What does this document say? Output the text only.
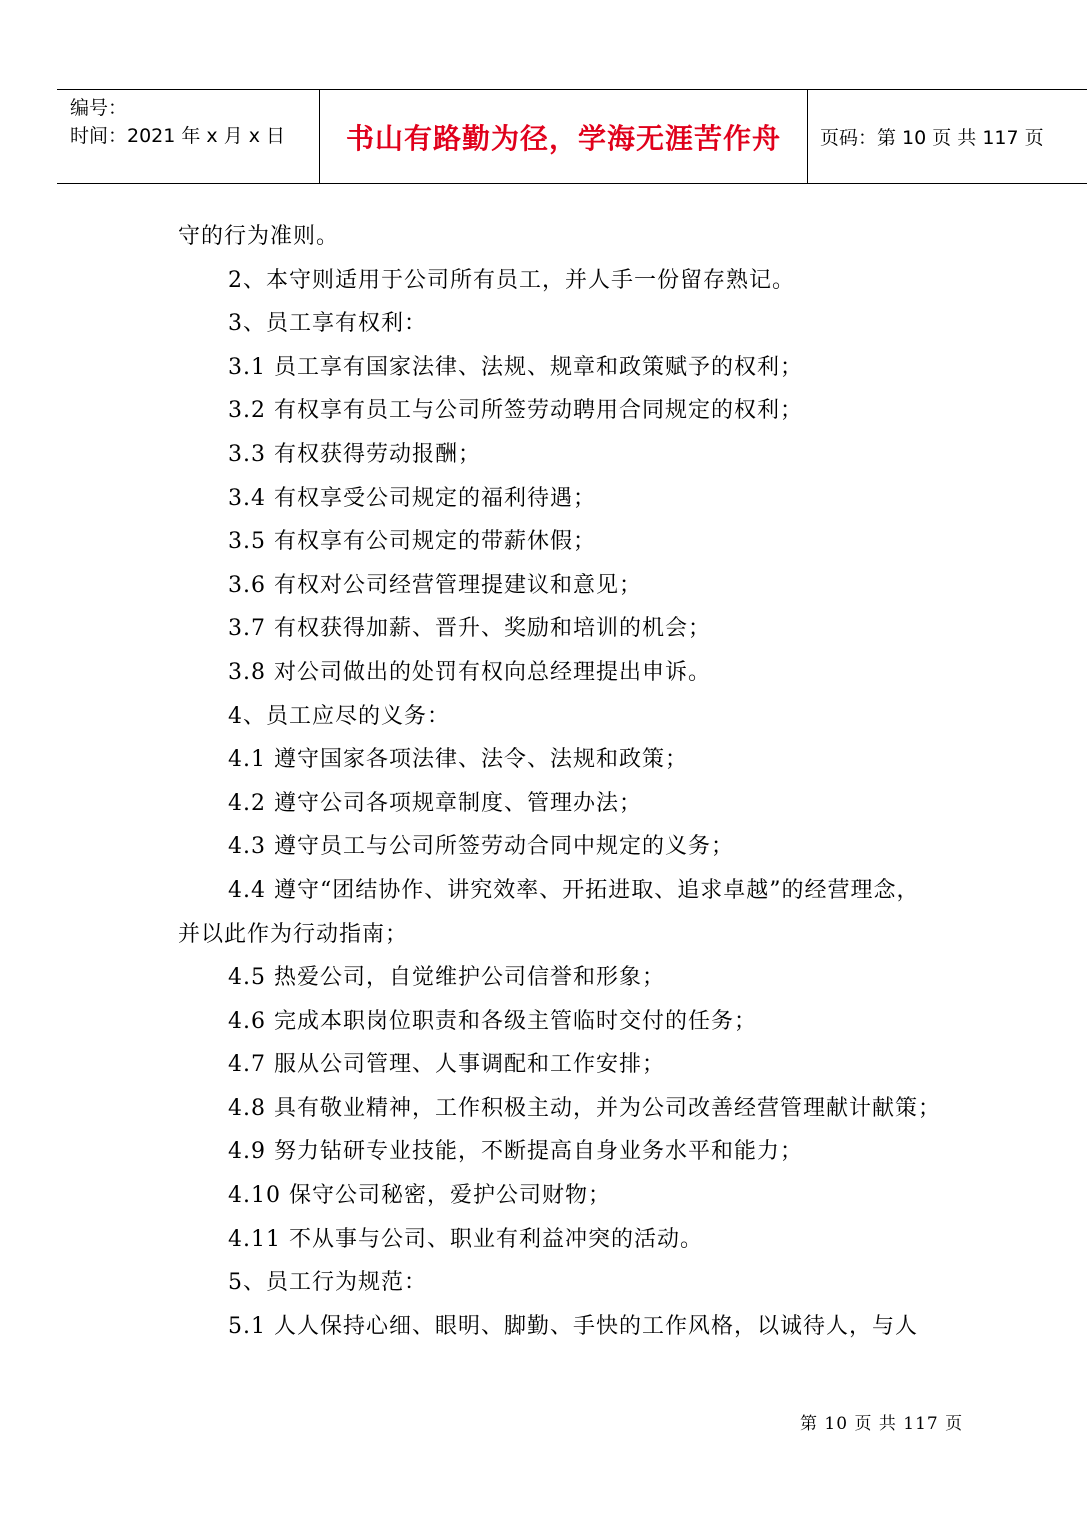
编号：
时间：2021 年 x 月 x 日	书山有路勤为径，学海无涯苦作舟	页码：第 10 页 共 117 页

守的行为准则。

2、本守则适用于公司所有员工，并人手一份留存熟记。

3、员工享有权利：

3.1 员工享有国家法律、法规、规章和政策赋予的权利；

3.2 有权享有员工与公司所签劳动聘用合同规定的权利；

3.3 有权获得劳动报酬；

3.4 有权享受公司规定的福利待遇；

3.5 有权享有公司规定的带薪休假；

3.6 有权对公司经营管理提建议和意见；

3.7 有权获得加薪、晋升、奖励和培训的机会；

3.8 对公司做出的处罚有权向总经理提出申诉。

4、员工应尽的义务：

4.1 遵守国家各项法律、法令、法规和政策；

4.2 遵守公司各项规章制度、管理办法；

4.3 遵守员工与公司所签劳动合同中规定的义务；

4.4 遵守“团结协作、讲究效率、开拓进取、追求卓越”的经营理念，

并以此作为行动指南；

4.5 热爱公司，自觉维护公司信誉和形象；

4.6 完成本职岗位职责和各级主管临时交付的任务；

4.7 服从公司管理、人事调配和工作安排；

4.8 具有敬业精神，工作积极主动，并为公司改善经营管理献计献策；

4.9 努力钻研专业技能，不断提高自身业务水平和能力；

4.10 保守公司秘密，爱护公司财物；

4.11 不从事与公司、职业有利益冲突的活动。

5、员工行为规范：

5.1 人人保持心细、眼明、脚勤、手快的工作风格，以诚待人，与人

第 10 页 共 117 页
